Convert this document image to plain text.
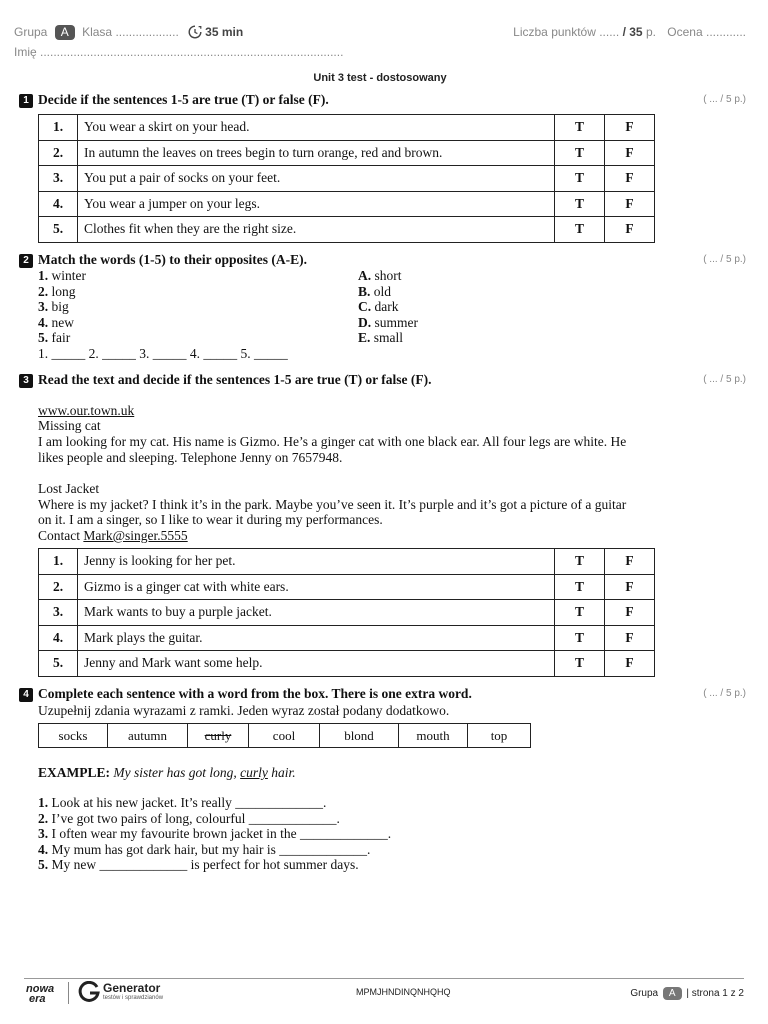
Grupa A Klasa ................... 35 min	Liczba punktów ...... / 35 p. Ocena ............
Imię ...........................................................................................
Unit 3 test - dostosowany
1 Decide if the sentences 1-5 are true (T) or false (F).	( ... / 5 p.)
1.	You wear a skirt on your head.	T	F
2.	In autumn the leaves on trees begin to turn orange, red and brown.	T	F
3.	You put a pair of socks on your feet.	T	F
4.	You wear a jumper on your legs.	T	F
5.	Clothes fit when they are the right size.	T	F
2 Match the words (1-5) to their opposites (A-E).	( ... / 5 p.)
1. winter
2. long
3. big
4. new
5. fair
A. short
B. old
C. dark
D. summer
E. small
1. _____ 2. _____ 3. _____ 4. _____ 5. _____
3 Read the text and decide if the sentences 1-5 are true (T) or false (F).	( ... / 5 p.)
www.our.town.uk
Missing cat
I am looking for my cat. His name is Gizmo. He’s a ginger cat with one black ear. All four legs are white. He
likes people and sleeping. Telephone Jenny on 7657948.
Lost Jacket
Where is my jacket? I think it’s in the park. Maybe you’ve seen it. It’s purple and it’s got a picture of a guitar
on it. I am a singer, so I like to wear it during my performances.
Contact Mark@singer.5555
1.	Jenny is looking for her pet.	T	F
2.	Gizmo is a ginger cat with white ears.	T	F
3.	Mark wants to buy a purple jacket.	T	F
4.	Mark plays the guitar.	T	F
5.	Jenny and Mark want some help.	T	F
4 Complete each sentence with a word from the box. There is one extra word.	( ... / 5 p.)
Uzupełnij zdania wyrazami z ramki. Jeden wyraz został podany dodatkowo.
socks	autumn	curly	cool	blond	mouth	top
EXAMPLE: My sister has got long, curly hair.
1. Look at his new jacket. It’s really _____________.
2. I’ve got two pairs of long, colourful _____________.
3. I often wear my favourite brown jacket in the _____________.
4. My mum has got dark hair, but my hair is _____________.
5. My new _____________ is perfect for hot summer days.
nowa
era
Generator
testów i sprawdzianów
MPMJHNDINQNHQHQ	Grupa A | strona 1 z 2
